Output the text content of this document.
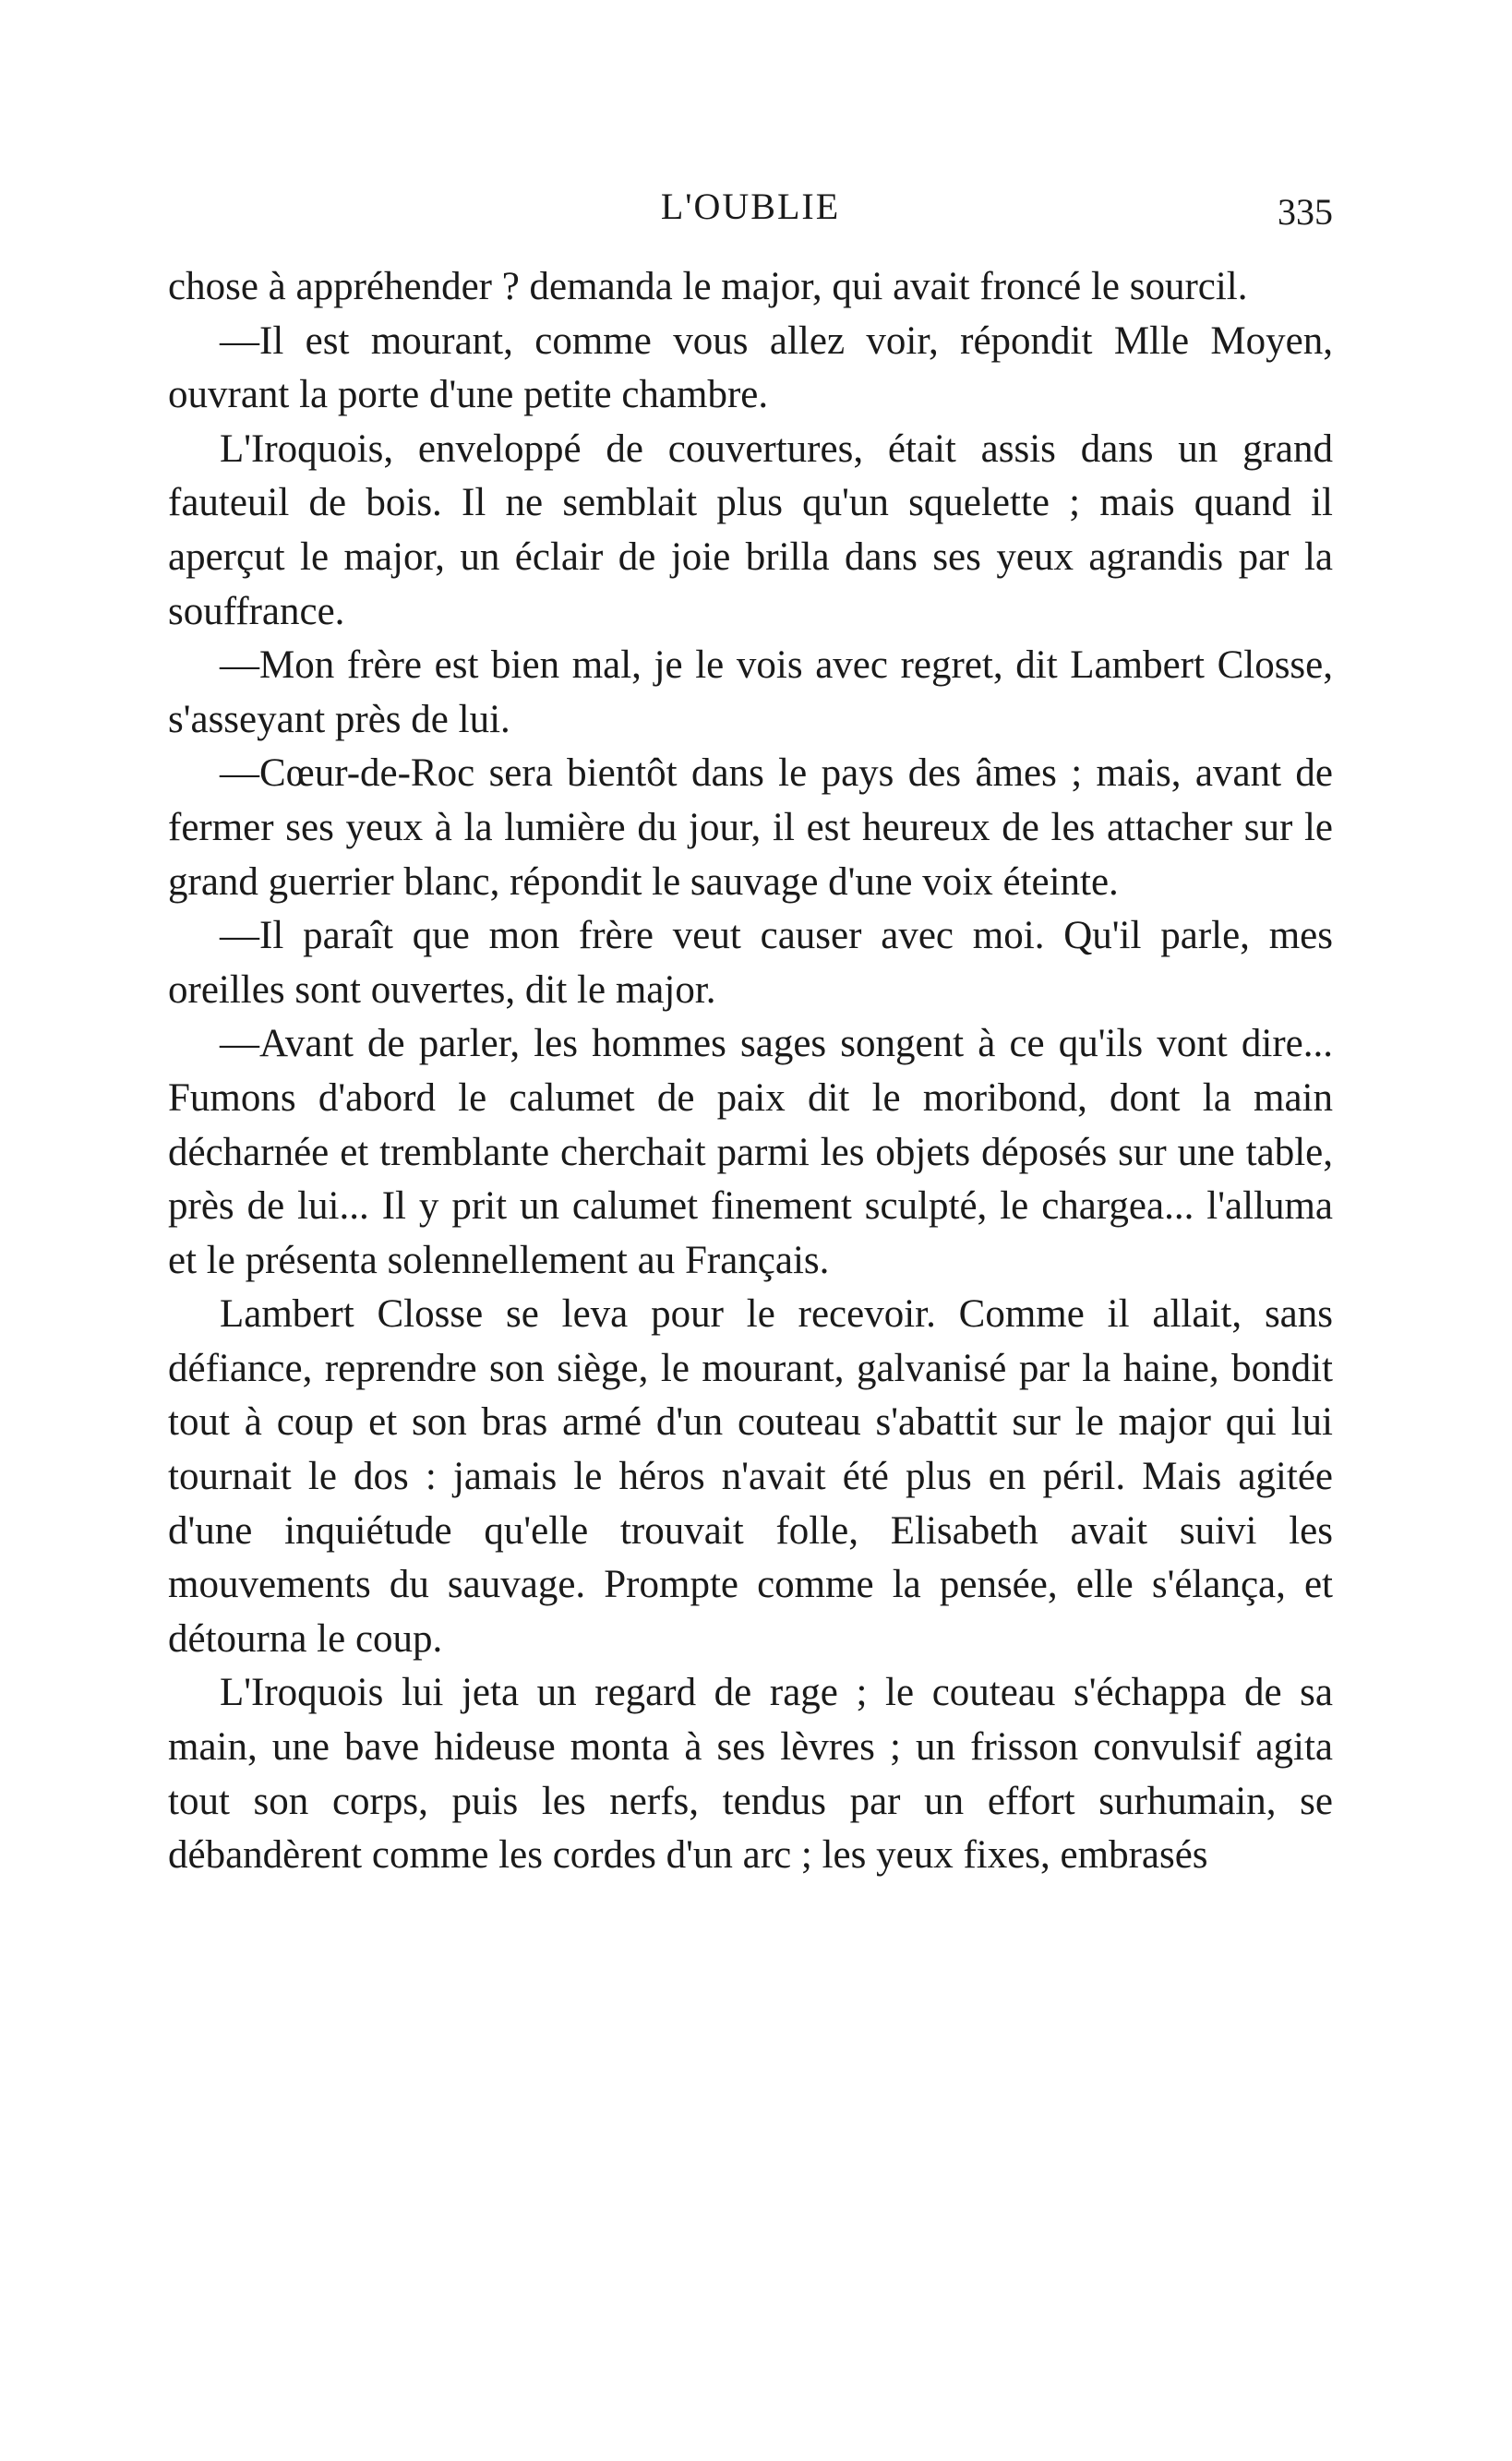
L'OUBLIE	335

chose à appréhender ? demanda le major, qui avait froncé le sourcil.

—Il est mourant, comme vous allez voir, répondit Mlle Moyen, ouvrant la porte d'une petite chambre.

L'Iroquois, enveloppé de couvertures, était assis dans un grand fauteuil de bois. Il ne semblait plus qu'un squelette ; mais quand il aperçut le major, un éclair de joie brilla dans ses yeux agrandis par la souffrance.

—Mon frère est bien mal, je le vois avec regret, dit Lambert Closse, s'asseyant près de lui.

—Cœur-de-Roc sera bientôt dans le pays des âmes ; mais, avant de fermer ses yeux à la lumière du jour, il est heureux de les attacher sur le grand guerrier blanc, répondit le sauvage d'une voix éteinte.

—Il paraît que mon frère veut causer avec moi. Qu'il parle, mes oreilles sont ouvertes, dit le major.

—Avant de parler, les hommes sages songent à ce qu'ils vont dire... Fumons d'abord le calumet de paix dit le moribond, dont la main décharnée et tremblante cherchait parmi les objets déposés sur une table, près de lui... Il y prit un calumet finement sculpté, le chargea... l'alluma et le présenta solennellement au Français.

Lambert Closse se leva pour le recevoir. Comme il allait, sans défiance, reprendre son siège, le mourant, galvanisé par la haine, bondit tout à coup et son bras armé d'un couteau s'abattit sur le major qui lui tournait le dos : jamais le héros n'avait été plus en péril. Mais agitée d'une inquiétude qu'elle trouvait folle, Elisabeth avait suivi les mouvements du sauvage. Prompte comme la pensée, elle s'élança, et détourna le coup.

L'Iroquois lui jeta un regard de rage ; le couteau s'échappa de sa main, une bave hideuse monta à ses lèvres ; un frisson convulsif agita tout son corps, puis les nerfs, tendus par un effort surhumain, se débandèrent comme les cordes d'un arc ; les yeux fixes, embrasés
